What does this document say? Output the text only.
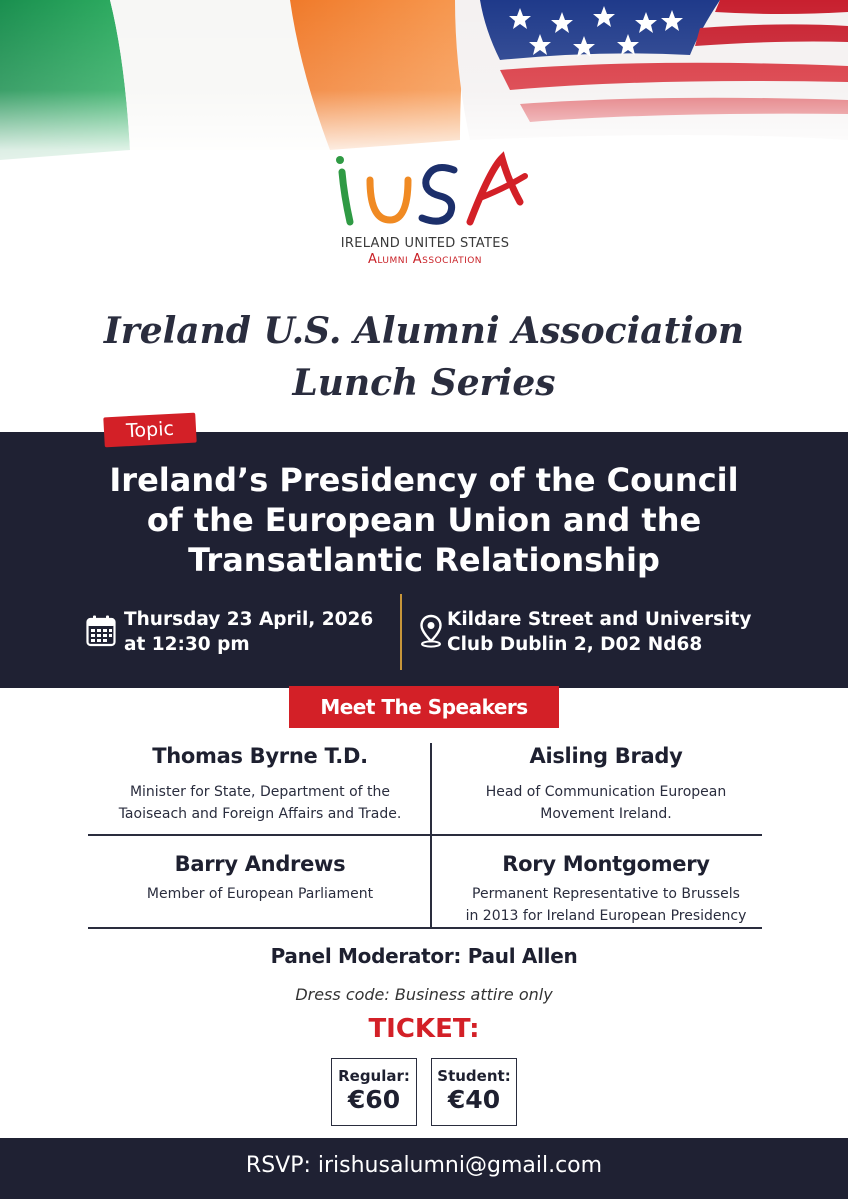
IRELAND UNITED STATES
Alumni Association
Ireland U.S. Alumni Association
Lunch Series
Topic
Ireland’s Presidency of the Council
of the European Union and the
Transatlantic Relationship
Thursday 23 April, 2026
at 12:30 pm
Kildare Street and University
Club Dublin 2, D02 Nd68
Meet The Speakers
Thomas Byrne T.D.
Minister for State, Department of the
Taoiseach and Foreign Affairs and Trade.
Aisling Brady
Head of Communication European
Movement Ireland.
Barry Andrews
Member of European Parliament
Rory Montgomery
Permanent Representative to Brussels
in 2013 for Ireland European Presidency
Panel Moderator: Paul Allen
Dress code: Business attire only
TICKET:
Regular:
€60
Student:
€40
RSVP: irishusalumni@gmail.com
